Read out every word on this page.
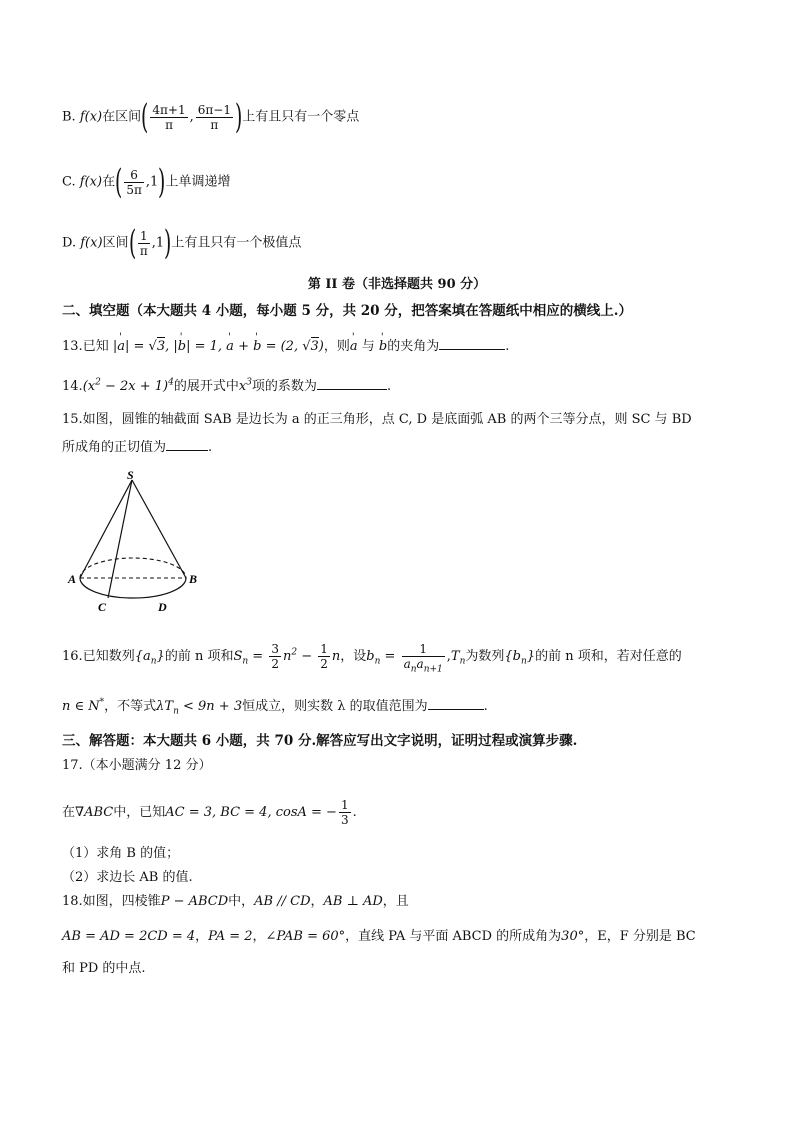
B. f(x)在区间( $\frac{4\pi+1}{\pi}$ , $\frac{6\pi-1}{\pi}$ )上有且只有一个零点
C. f(x)在( $\frac{6}{5\pi} ,1$)上单调递增
D. f(x)区间( $\frac{1}{\pi} ,1$)上有且只有一个极值点
第 II 卷（非选择题共 90 分）
二、填空题（本大题共 4 小题，每小题 5 分，共 20 分，把答案填在答题纸中相应的横线上.）
13.已知 |' a| = √3, |' b| = 1, ' a + ' b = (2, √3)，则' a 与 ' b的夹角为	.
$14.(x^2 - 2x + 1)^4$的展开式中$x^3$项的系数为	.
15.如图，圆锥的轴截面 SAB 是边长为 a 的正三角形，点 C, D 是底面弧 AB 的两个三等分点，则 SC 与 BD
所成角的正切值为	.
S
A	B
C	D
16.已知数列$\{a_n\}$的前 n 项和$S_n = \frac{3}{2} n^2 - \frac{1}{2}$ n，设$b_n = \frac{1}{a_na_{n+1}} ,T_n$为数列$\{b_n\}$的前 n 项和，若对任意的
n ∈ N*，不等式$\lambda T_n < 9n + 3$恒成立，则实数 λ 的取值范围为	.
三、解答题：本大题共 6 小题，共 70 分.解答应写出文字说明，证明过程或演算步骤.
17.（本小题满分 12 分）
在∇ABC中，已知AC = 3, BC = 4, cosA = − $\frac{1}{3}$ .
（1）求角 B 的值；
（2）求边长 AB 的值.
18.如图，四棱锥P − ABCD中，AB // CD，AB ⊥ AD，且
AB = AD = 2CD = 4，PA = 2，∠PAB = 60°，直线 PA 与平面 ABCD 的所成角为30°，E，F 分别是 BC
和 PD 的中点.
